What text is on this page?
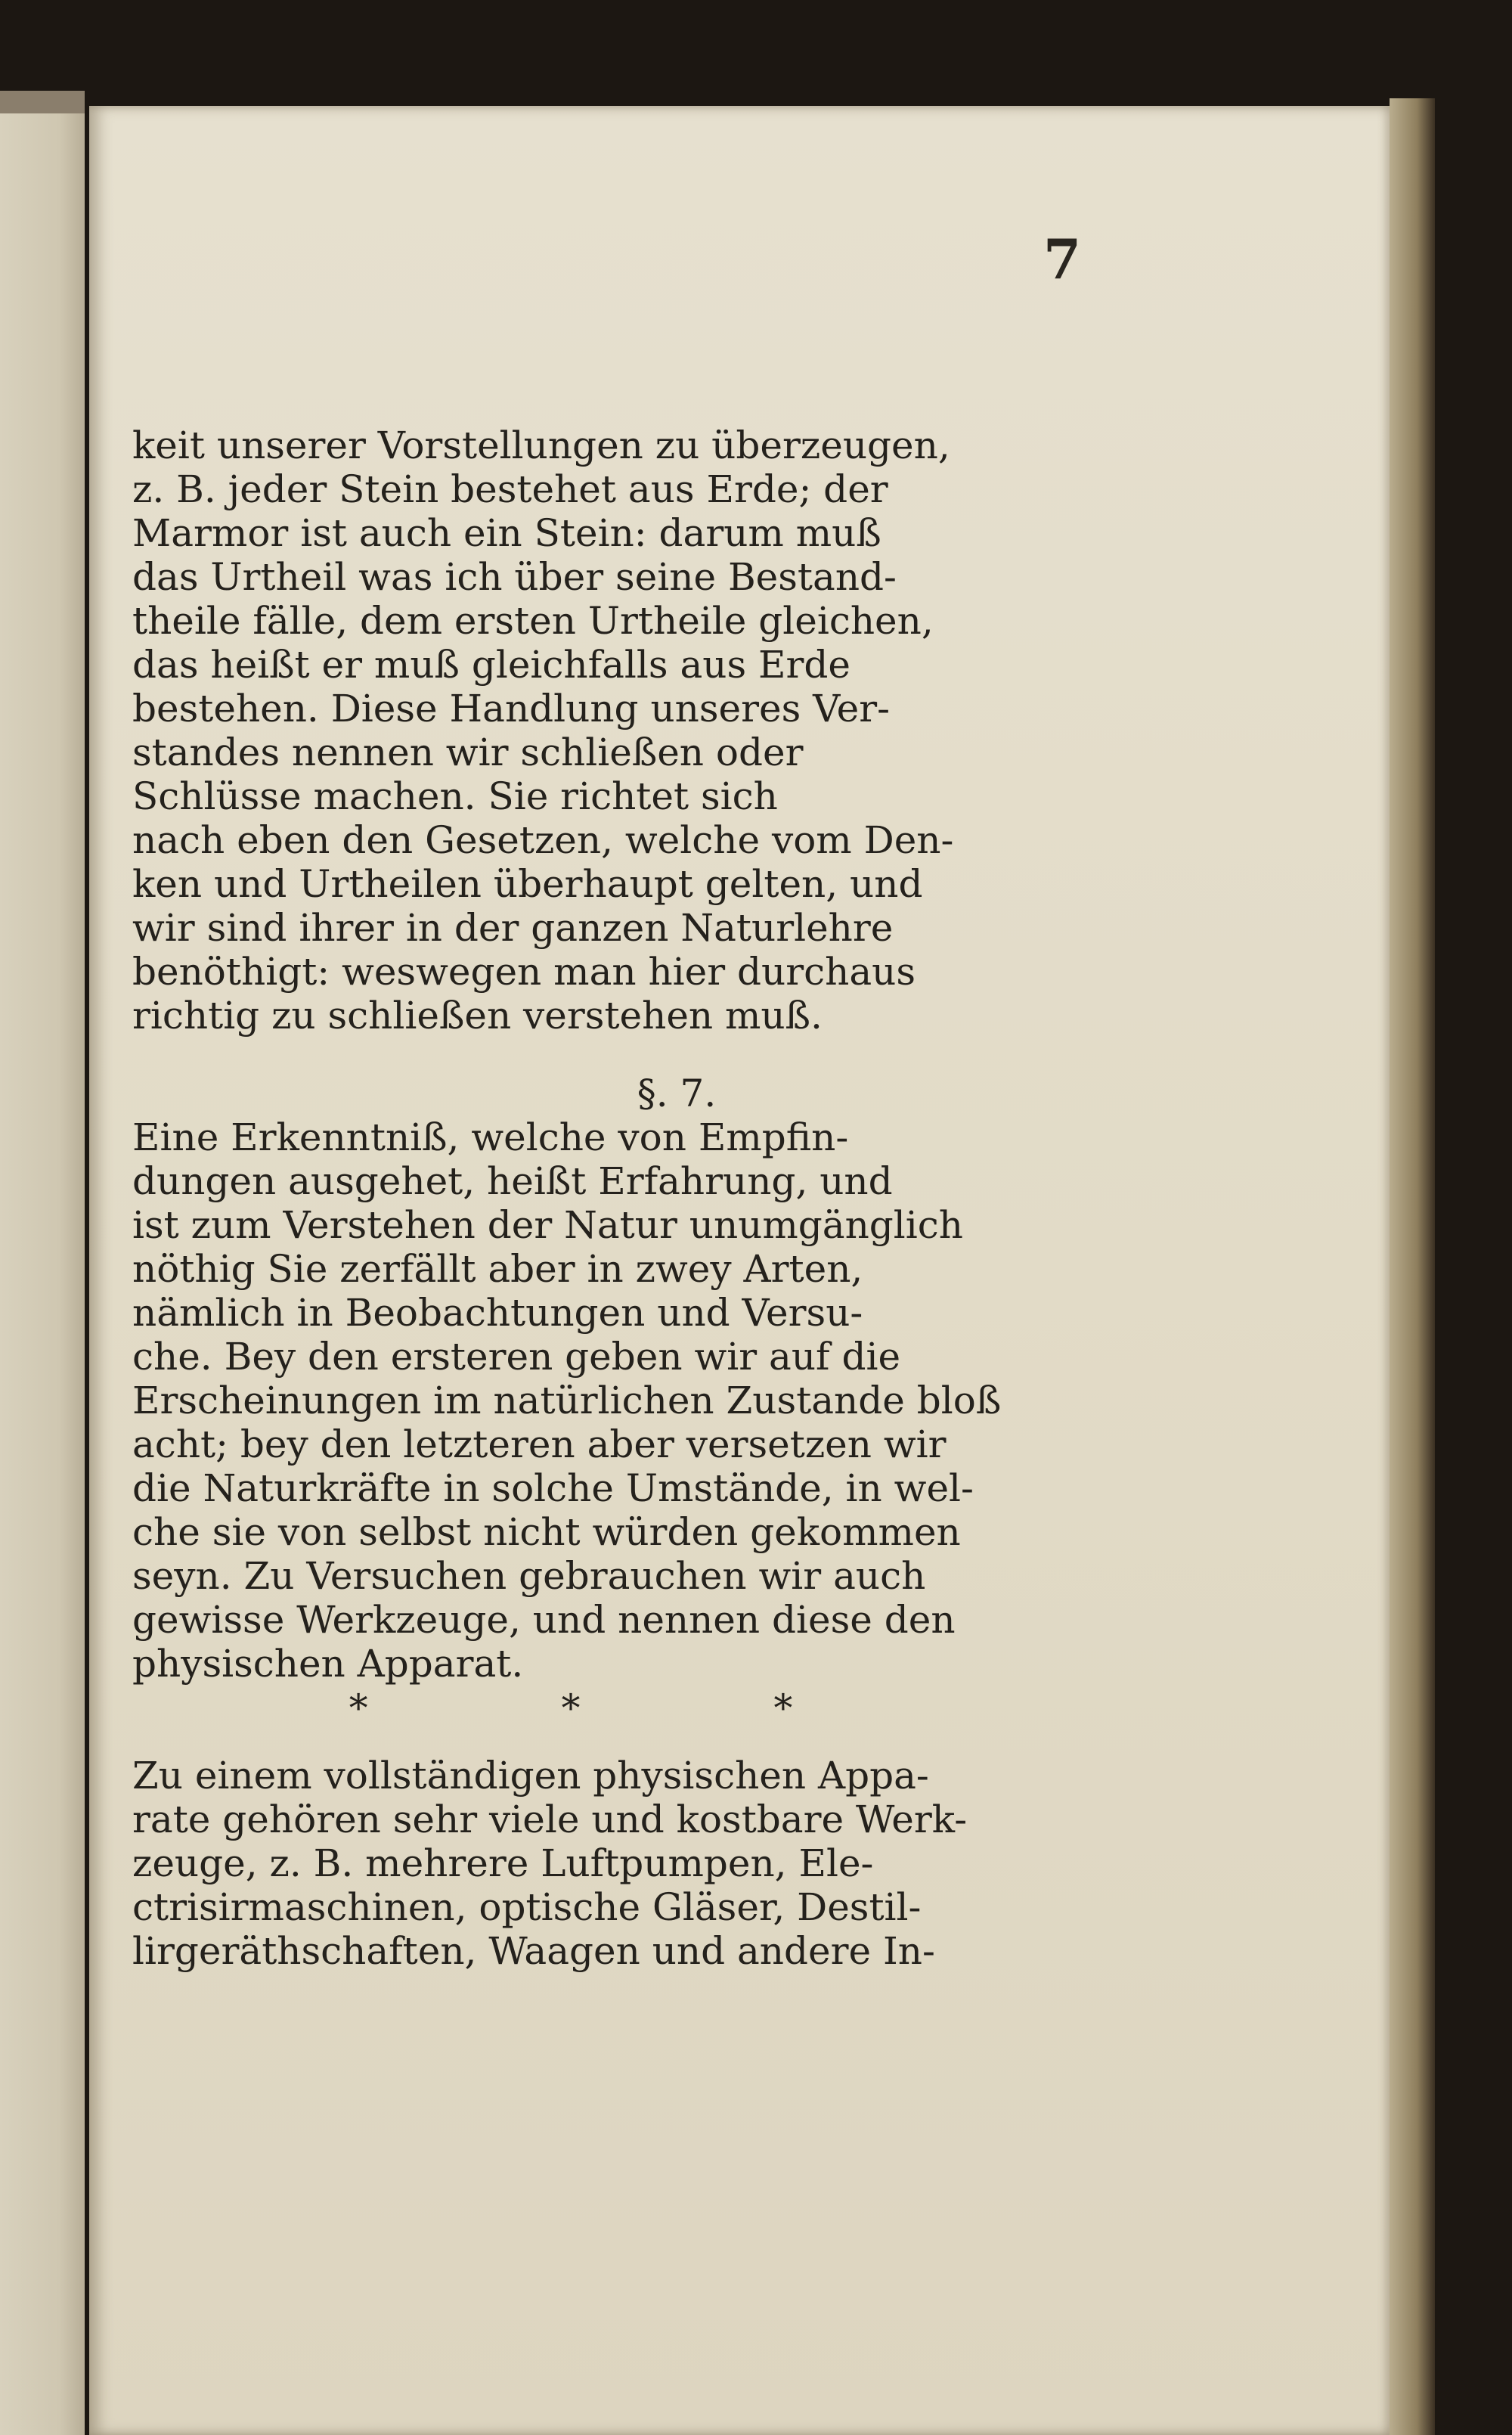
7
keit unserer Vorstellungen zu überzeugen,
z. B. jeder Stein bestehet aus Erde; der
Marmor ist auch ein Stein: darum muß
das Urtheil was ich über seine Bestand-
theile fälle, dem ersten Urtheile gleichen,
das heißt er muß gleichfalls aus Erde
bestehen. Diese Handlung unseres Ver-
standes nennen wir schließen oder
Schlüsse machen. Sie richtet sich
nach eben den Gesetzen, welche vom Den-
ken und Urtheilen überhaupt gelten, und
wir sind ihrer in der ganzen Naturlehre
benöthigt: weswegen man hier durchaus
richtig zu schließen verstehen muß.
§. 7.
Eine Erkenntniß, welche von Empfin-
dungen ausgehet, heißt Erfahrung, und
ist zum Verstehen der Natur unumgänglich
nöthig Sie zerfällt aber in zwey Arten,
nämlich in Beobachtungen und Versu-
che. Bey den ersteren geben wir auf die
Erscheinungen im natürlichen Zustande bloß
acht; bey den letzteren aber versetzen wir
die Naturkräfte in solche Umstände, in wel-
che sie von selbst nicht würden gekommen
seyn. Zu Versuchen gebrauchen wir auch
gewisse Werkzeuge, und nennen diese den
physischen Apparat.
* * *
Zu einem vollständigen physischen Appa-
rate gehören sehr viele und kostbare Werk-
zeuge, z. B. mehrere Luftpumpen, Ele-
ctrisirmaschinen, optische Gläser, Destil-
lirgeräthschaften, Waagen und andere In-
